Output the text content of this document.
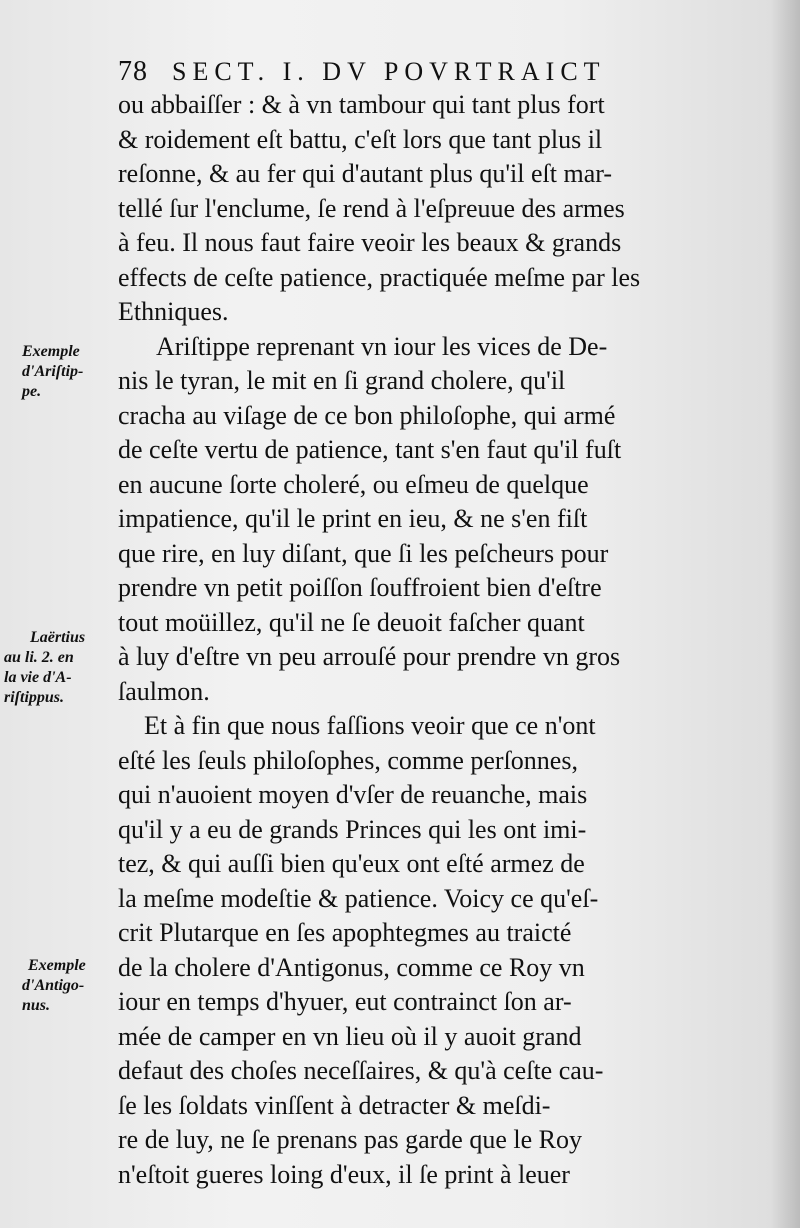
78 SECT. I. DV POVRTRAICT
ou abbaiſſer : & à vn tambour qui tant plus fort
& roidement eſt battu, c'eſt lors que tant plus il
reſonne, & au fer qui d'autant plus qu'il eſt mar-
tellé ſur l'enclume, ſe rend à l'eſpreuue des armes
à feu. Il nous faut faire veoir les beaux & grands
effects de ceſte patience, practiquée meſme par les
Ethniques.
Ariſtippe reprenant vn iour les vices de De-
nis le tyran, le mit en ſi grand cholere, qu'il
cracha au viſage de ce bon philoſophe, qui armé
de ceſte vertu de patience, tant s'en faut qu'il fuſt
en aucune ſorte choleré, ou eſmeu de quelque
impatience, qu'il le print en ieu, & ne s'en fiſt
que rire, en luy diſant, que ſi les peſcheurs pour
prendre vn petit poiſſon ſouffroient bien d'eſtre
tout moüillez, qu'il ne ſe deuoit faſcher quant
à luy d'eſtre vn peu arrouſé pour prendre vn gros
ſaulmon.
Et à fin que nous faſſions veoir que ce n'ont
eſté les ſeuls philoſophes, comme perſonnes,
qui n'auoient moyen d'vſer de reuanche, mais
qu'il y a eu de grands Princes qui les ont imi-
tez, & qui auſſi bien qu'eux ont eſté armez de
la meſme modeſtie & patience. Voicy ce qu'eſ-
crit Plutarque en ſes apophtegmes au traicté
de la cholere d'Antigonus, comme ce Roy vn
iour en temps d'hyuer, eut contrainct ſon ar-
mée de camper en vn lieu où il y auoit grand
defaut des choſes neceſſaires, & qu'à ceſte cau-
ſe les ſoldats vinſſent à detracter & meſdi-
re de luy, ne ſe prenans pas garde que le Roy
n'eſtoit gueres loing d'eux, il ſe print à leuer
Exemple
d'Ariſtip-
pe.
Laërtius
au li. 2. en
la vie d'A-
riſtippus.
Exemple
d'Antigo-
nus.
